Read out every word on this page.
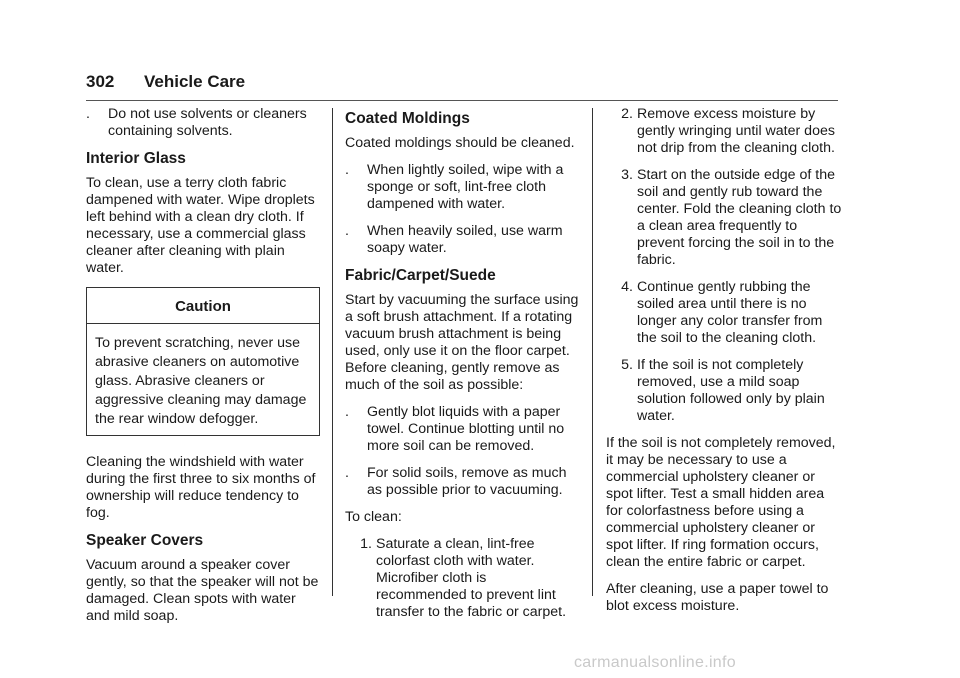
302 Vehicle Care
. Do not use solvents or cleaners containing solvents.
Interior Glass

To clean, use a terry cloth fabric dampened with water. Wipe droplets left behind with a clean dry cloth. If necessary, use a commercial glass cleaner after cleaning with plain water.

Caution
To prevent scratching, never use abrasive cleaners on automotive glass. Abrasive cleaners or aggressive cleaning may damage the rear window defogger.

Cleaning the windshield with water during the first three to six months of ownership will reduce tendency to fog.

Speaker Covers

Vacuum around a speaker cover gently, so that the speaker will not be damaged. Clean spots with water and mild soap.

Coated Moldings

Coated moldings should be cleaned.

. When lightly soiled, wipe with a sponge or soft, lint-free cloth dampened with water.
. When heavily soiled, use warm soapy water.
Fabric/Carpet/Suede

Start by vacuuming the surface using a soft brush attachment. If a rotating vacuum brush attachment is being used, only use it on the floor carpet. Before cleaning, gently remove as much of the soil as possible:

. Gently blot liquids with a paper towel. Continue blotting until no more soil can be removed.
. For solid soils, remove as much as possible prior to vacuuming.

To clean:

1. Saturate a clean, lint-free colorfast cloth with water. Microfiber cloth is recommended to prevent lint transfer to the fabric or carpet.
2. Remove excess moisture by gently wringing until water does not drip from the cleaning cloth.
3. Start on the outside edge of the soil and gently rub toward the center. Fold the cleaning cloth to a clean area frequently to prevent forcing the soil in to the fabric.
4. Continue gently rubbing the soiled area until there is no longer any color transfer from the soil to the cleaning cloth.
5. If the soil is not completely removed, use a mild soap solution followed only by plain water.

If the soil is not completely removed, it may be necessary to use a commercial upholstery cleaner or spot lifter. Test a small hidden area for colorfastness before using a commercial upholstery cleaner or spot lifter. If ring formation occurs, clean the entire fabric or carpet.

After cleaning, use a paper towel to blot excess moisture.

carmanualsonline.info
